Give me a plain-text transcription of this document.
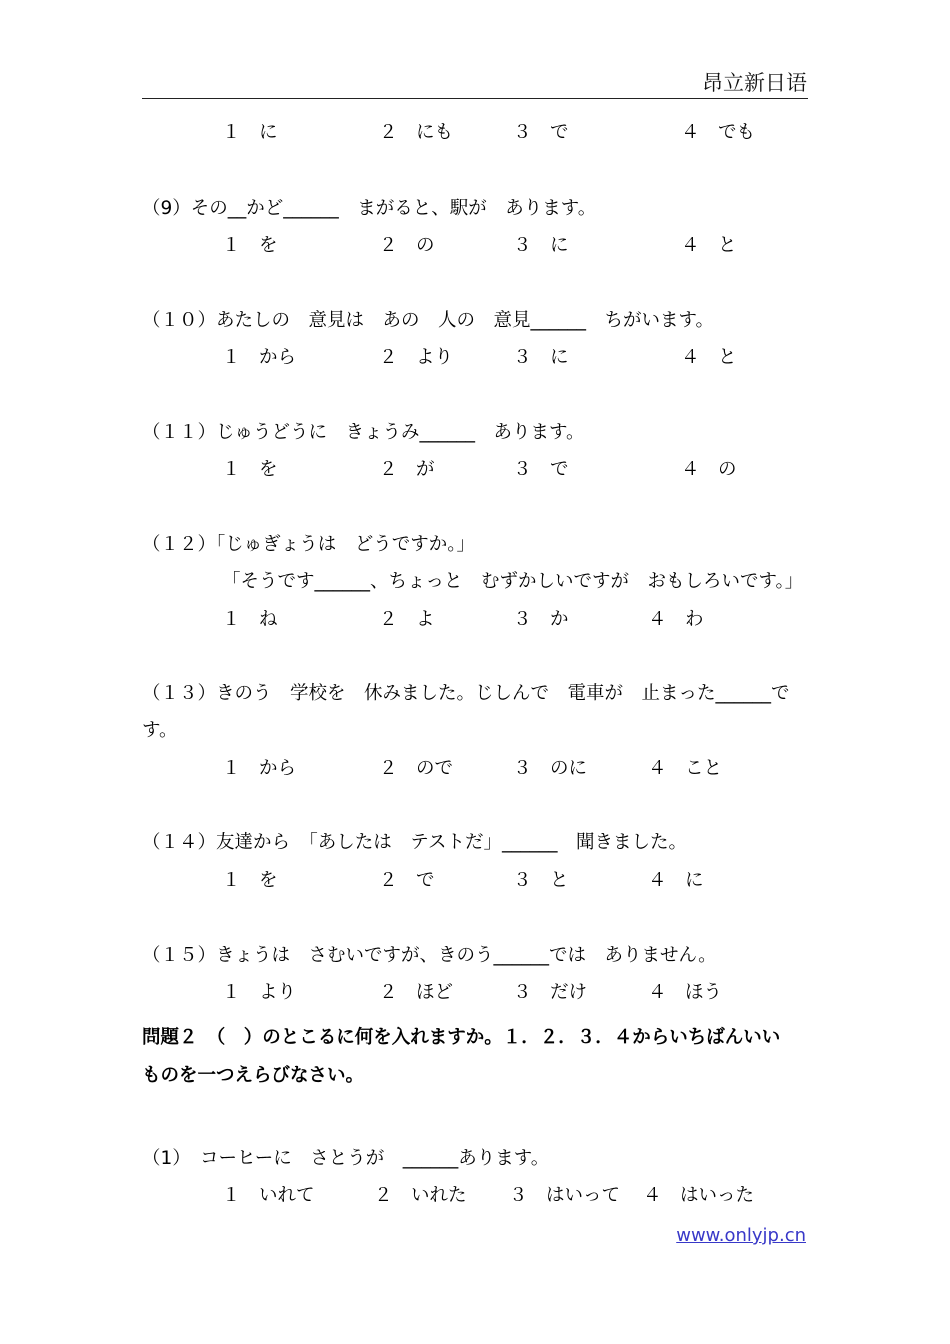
昂立新日语
１　に	２　にも	３　で	４　でも
（9）その__かど______　まがると、駅が　あります。
１　を	２　の	３　に	４　と
（１０）あたしの　意見は　あの　人の　意見______　ちがいます。
１　から	２　より	３　に	４　と
（１１）じゅうどうに　きょうみ______　あります。
１　を	２　が	３　で	４　の
（１２）「じゅぎょうは　どうですか。」
「そうです______、ちょっと　むずかしいですが　おもしろいです。」
１　ね	２　よ	３　か	４　わ
（１３）きのう　学校を　休みました。じしんで　電車が　止まった______で
す。
１　から	２　ので	３　のに	４　こと
（１４）友達から　「あしたは　テストだ」______　聞きました。
１　を	２　で	３　と	４　に
（１５）きょうは　さむいですが、きのう______では　ありません。
１　より	２　ほど	３　だけ	４　ほう
問題２　（　）のとこるに何を入れますか。１．２．３．４からいちばんいい
ものを一つえらびなさい。
（1）　コーヒーに　さとうが　______あります。
１　いれて	２　いれた ３　はいって ４　はいった
www.onlyjp.cn
